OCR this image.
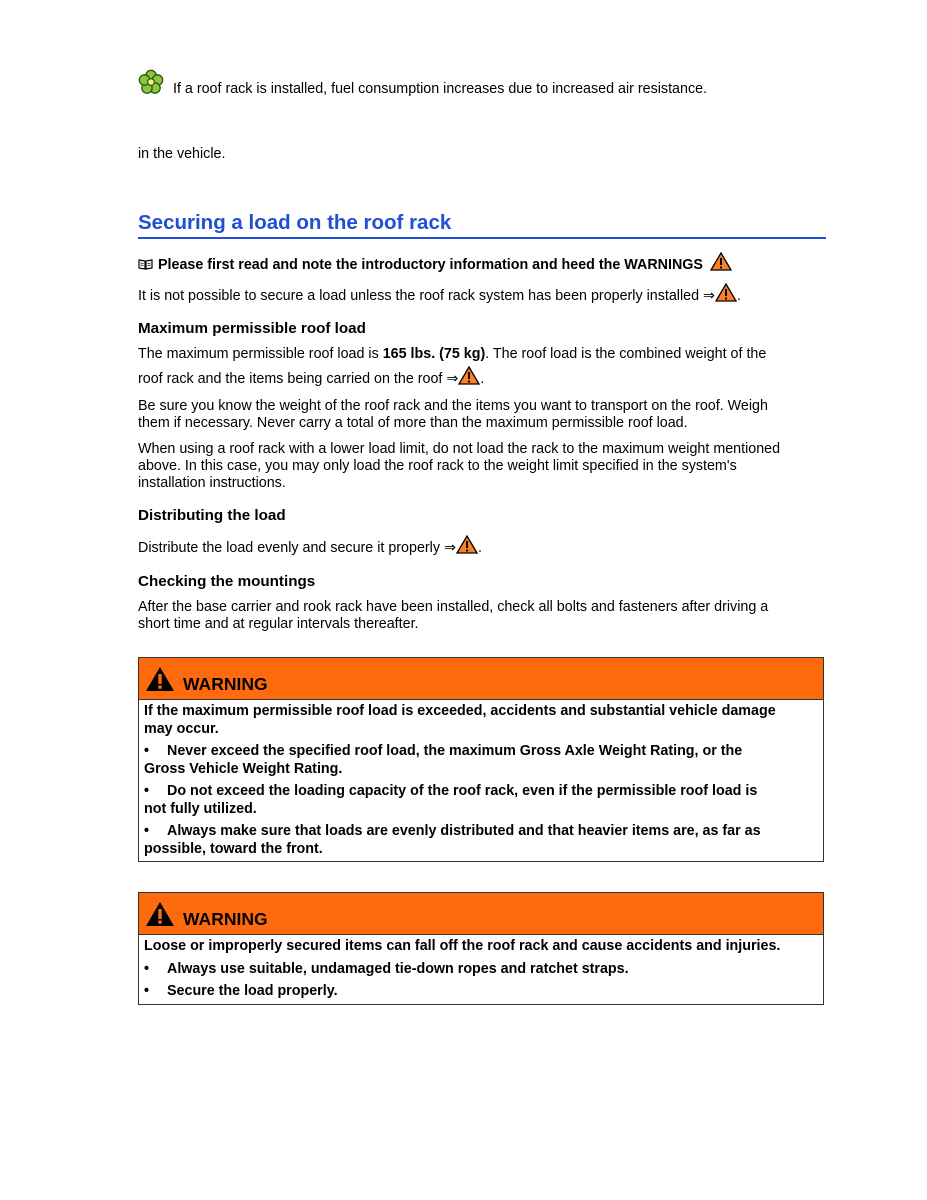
If a roof rack is installed, fuel consumption increases due to increased air resistance.
in the vehicle.
Securing a load on the roof rack
Please first read and note the introductory information and heed the WARNINGS
It is not possible to secure a load unless the roof rack system has been properly installed ⇒ .
Maximum permissible roof load
The maximum permissible roof load is 165 lbs. (75 kg). The roof load is the combined weight of the
roof rack and the items being carried on the roof ⇒ .
Be sure you know the weight of the roof rack and the items you want to transport on the roof. Weigh
them if necessary. Never carry a total of more than the maximum permissible roof load.
When using a roof rack with a lower load limit, do not load the rack to the maximum weight mentioned
above. In this case, you may only load the roof rack to the weight limit specified in the system's
installation instructions.
Distributing the load
Distribute the load evenly and secure it properly ⇒ .
Checking the mountings
After the base carrier and rook rack have been installed, check all bolts and fasteners after driving a
short time and at regular intervals thereafter.
WARNING

If the maximum permissible roof load is exceeded, accidents and substantial vehicle damage
may occur.

• Never exceed the specified roof load, the maximum Gross Axle Weight Rating, or the
Gross Vehicle Weight Rating.

• Do not exceed the loading capacity of the roof rack, even if the permissible roof load is
not fully utilized.

• Always make sure that loads are evenly distributed and that heavier items are, as far as
possible, toward the front.

WARNING

Loose or improperly secured items can fall off the roof rack and cause accidents and injuries.

• Always use suitable, undamaged tie-down ropes and ratchet straps.

• Secure the load properly.
